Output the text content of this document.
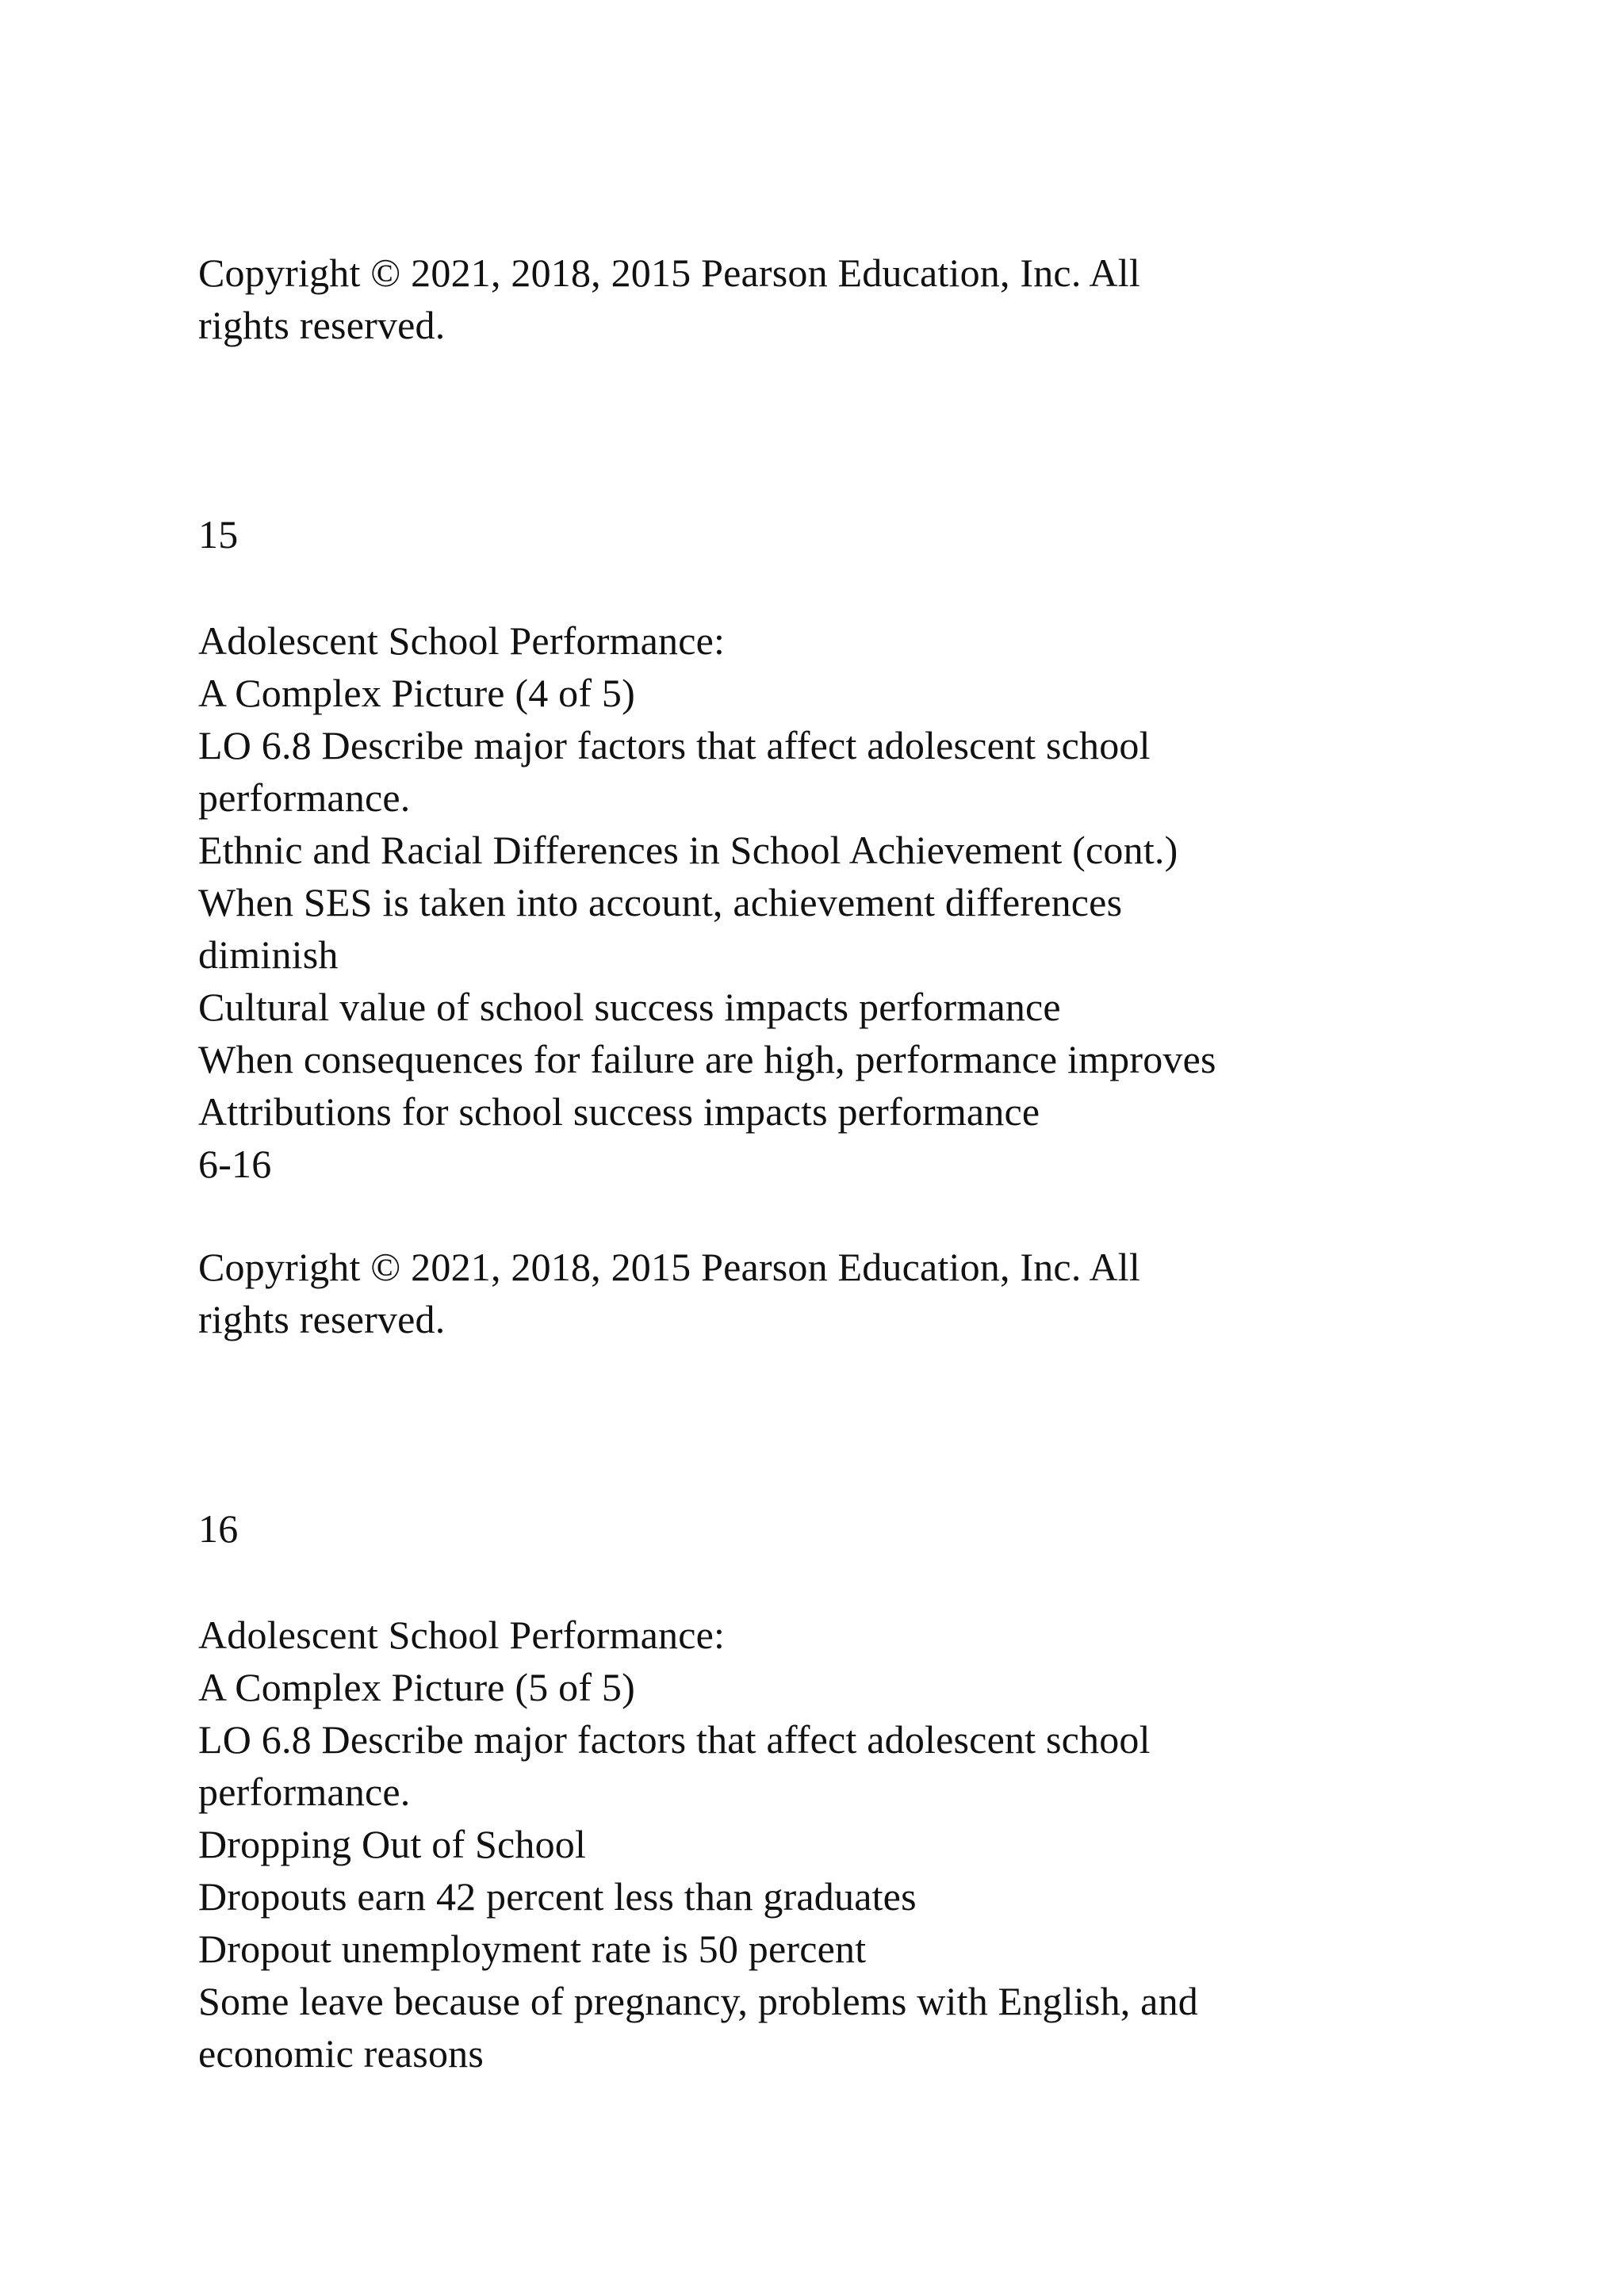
Copyright © 2021, 2018, 2015 Pearson Education, Inc. All
rights reserved.
15
Adolescent School Performance:
A Complex Picture (4 of 5)
LO 6.8 Describe major factors that affect adolescent school
performance.
Ethnic and Racial Differences in School Achievement (cont.)
When SES is taken into account, achievement differences
diminish
Cultural value of school success impacts performance
When consequences for failure are high, performance improves
Attributions for school success impacts performance
6-16
Copyright © 2021, 2018, 2015 Pearson Education, Inc. All
rights reserved.
16
Adolescent School Performance:
A Complex Picture (5 of 5)
LO 6.8 Describe major factors that affect adolescent school
performance.
Dropping Out of School
Dropouts earn 42 percent less than graduates
Dropout unemployment rate is 50 percent
Some leave because of pregnancy, problems with English, and
economic reasons
